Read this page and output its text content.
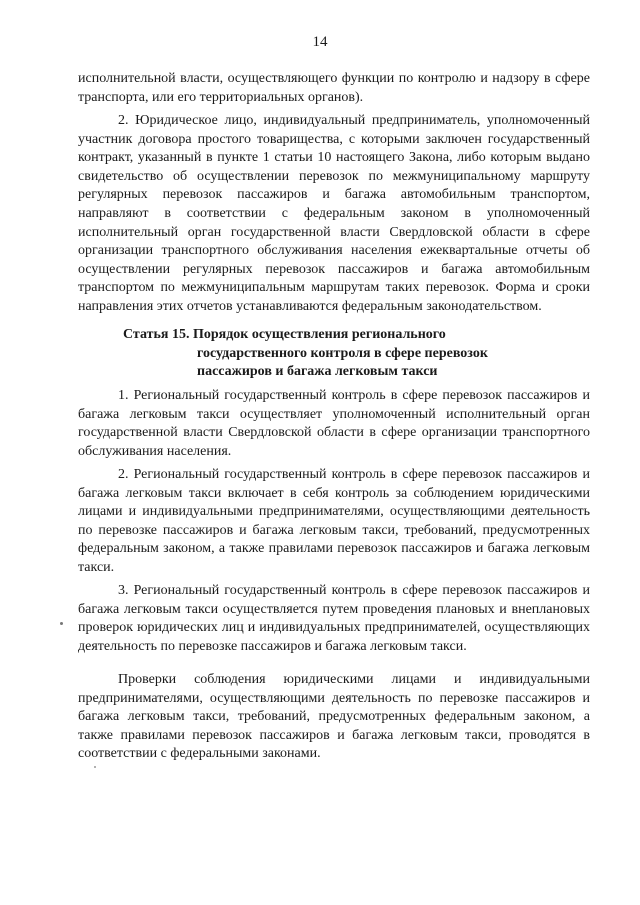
14

исполнительной власти, осуществляющего функции по контролю и надзору в сфере транспорта, или его территориальных органов).

2. Юридическое лицо, индивидуальный предприниматель, уполномоченный участник договора простого товарищества, с которыми заключен государственный контракт, указанный в пункте 1 статьи 10 настоящего Закона, либо которым выдано свидетельство об осуществлении перевозок по межмуниципальному маршруту регулярных перевозок пассажиров и багажа автомобильным транспортом, направляют в соответствии с федеральным законом в уполномоченный исполнительный орган государственной власти Свердловской области в сфере организации транспортного обслуживания населения ежеквартальные отчеты об осуществлении регулярных перевозок пассажиров и багажа автомобильным транспортом по межмуниципальным маршрутам таких перевозок. Форма и сроки направления этих отчетов устанавливаются федеральным законодательством.

Статья 15. Порядок осуществления регионального
государственного контроля в сфере перевозок
пассажиров и багажа легковым такси

1. Региональный государственный контроль в сфере перевозок пассажиров и багажа легковым такси осуществляет уполномоченный исполнительный орган государственной власти Свердловской области в сфере организации транспортного обслуживания населения.

2. Региональный государственный контроль в сфере перевозок пассажиров и багажа легковым такси включает в себя контроль за соблюдением юридическими лицами и индивидуальными предпринимателями, осуществляющими деятельность по перевозке пассажиров и багажа легковым такси, требований, предусмотренных федеральным законом, а также правилами перевозок пассажиров и багажа легковым такси.

3. Региональный государственный контроль в сфере перевозок пассажиров и багажа легковым такси осуществляется путем проведения плановых и внеплановых проверок юридических лиц и индивидуальных предпринимателей, осуществляющих деятельность по перевозке пассажиров и багажа легковым такси.

Проверки соблюдения юридическими лицами и индивидуальными предпринимателями, осуществляющими деятельность по перевозке пассажиров и багажа легковым такси, требований, предусмотренных федеральным законом, а также правилами перевозок пассажиров и багажа легковым такси, проводятся в соответствии с федеральными законами.
